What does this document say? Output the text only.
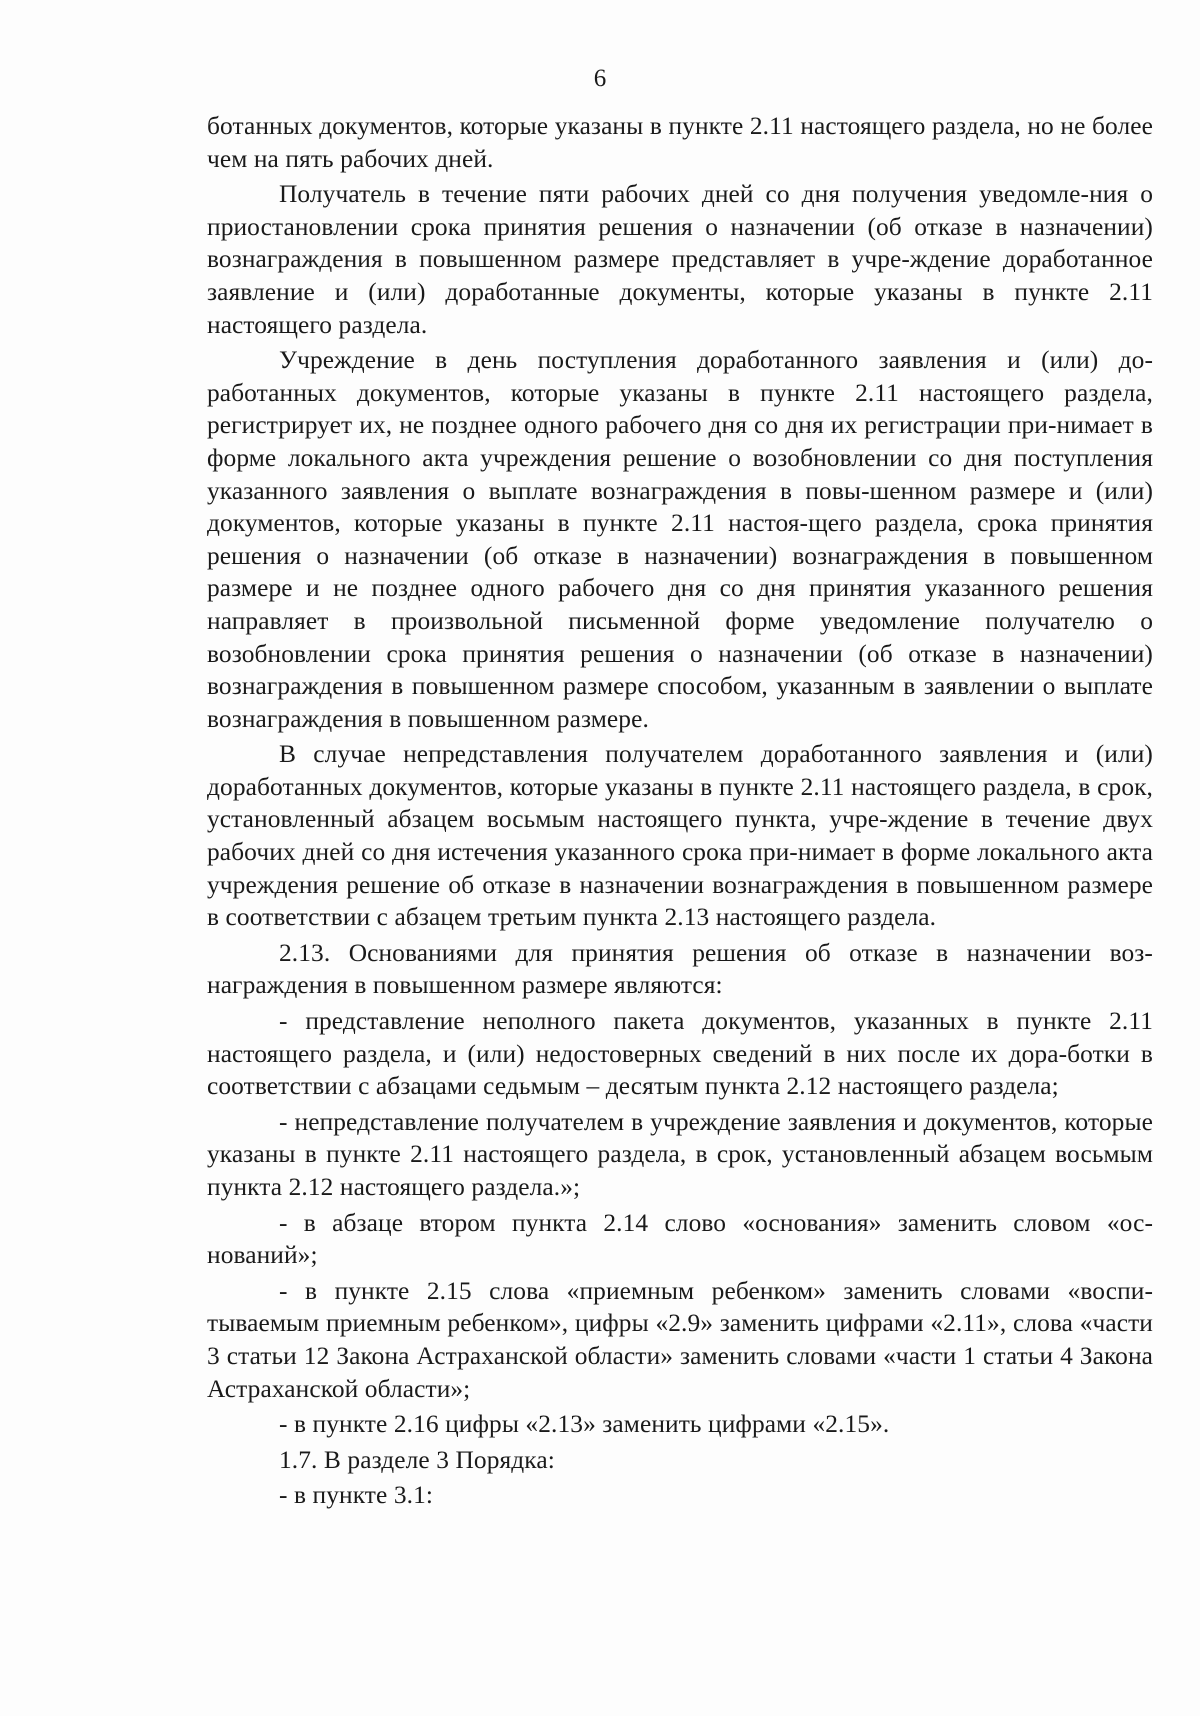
6

ботанных документов, которые указаны в пункте 2.11 настоящего раздела, но не более чем на пять рабочих дней.

Получатель в течение пяти рабочих дней со дня получения уведомле-ния о приостановлении срока принятия решения о назначении (об отказе в назначении) вознаграждения в повышенном размере представляет в учре-ждение доработанное заявление и (или) доработанные документы, которые указаны в пункте 2.11 настоящего раздела.

Учреждение в день поступления доработанного заявления и (или) до-работанных документов, которые указаны в пункте 2.11 настоящего раздела, регистрирует их, не позднее одного рабочего дня со дня их регистрации при-нимает в форме локального акта учреждения решение о возобновлении со дня поступления указанного заявления о выплате вознаграждения в повы-шенном размере и (или) документов, которые указаны в пункте 2.11 настоя-щего раздела, срока принятия решения о назначении (об отказе в назначении) вознаграждения в повышенном размере и не позднее одного рабочего дня со дня принятия указанного решения направляет в произвольной письменной форме уведомление получателю о возобновлении срока принятия решения о назначении (об отказе в назначении) вознаграждения в повышенном размере способом, указанным в заявлении о выплате вознаграждения в повышенном размере.

В случае непредставления получателем доработанного заявления и (или) доработанных документов, которые указаны в пункте 2.11 настоящего раздела, в срок, установленный абзацем восьмым настоящего пункта, учре-ждение в течение двух рабочих дней со дня истечения указанного срока при-нимает в форме локального акта учреждения решение об отказе в назначении вознаграждения в повышенном размере в соответствии с абзацем третьим пункта 2.13 настоящего раздела.

2.13. Основаниями для принятия решения об отказе в назначении воз-награждения в повышенном размере являются:

- представление неполного пакета документов, указанных в пункте 2.11 настоящего раздела, и (или) недостоверных сведений в них после их дора-ботки в соответствии с абзацами седьмым – десятым пункта 2.12 настоящего раздела;

- непредставление получателем в учреждение заявления и документов, которые указаны в пункте 2.11 настоящего раздела, в срок, установленный абзацем восьмым пункта 2.12 настоящего раздела.»;

- в абзаце втором пункта 2.14 слово «основания» заменить словом «ос-нований»;

- в пункте 2.15 слова «приемным ребенком» заменить словами «воспи-тываемым приемным ребенком», цифры «2.9» заменить цифрами «2.11», слова «части 3 статьи 12 Закона Астраханской области» заменить словами «части 1 статьи 4 Закона Астраханской области»;

- в пункте 2.16 цифры «2.13» заменить цифрами «2.15».

1.7. В разделе 3 Порядка:

- в пункте 3.1:
